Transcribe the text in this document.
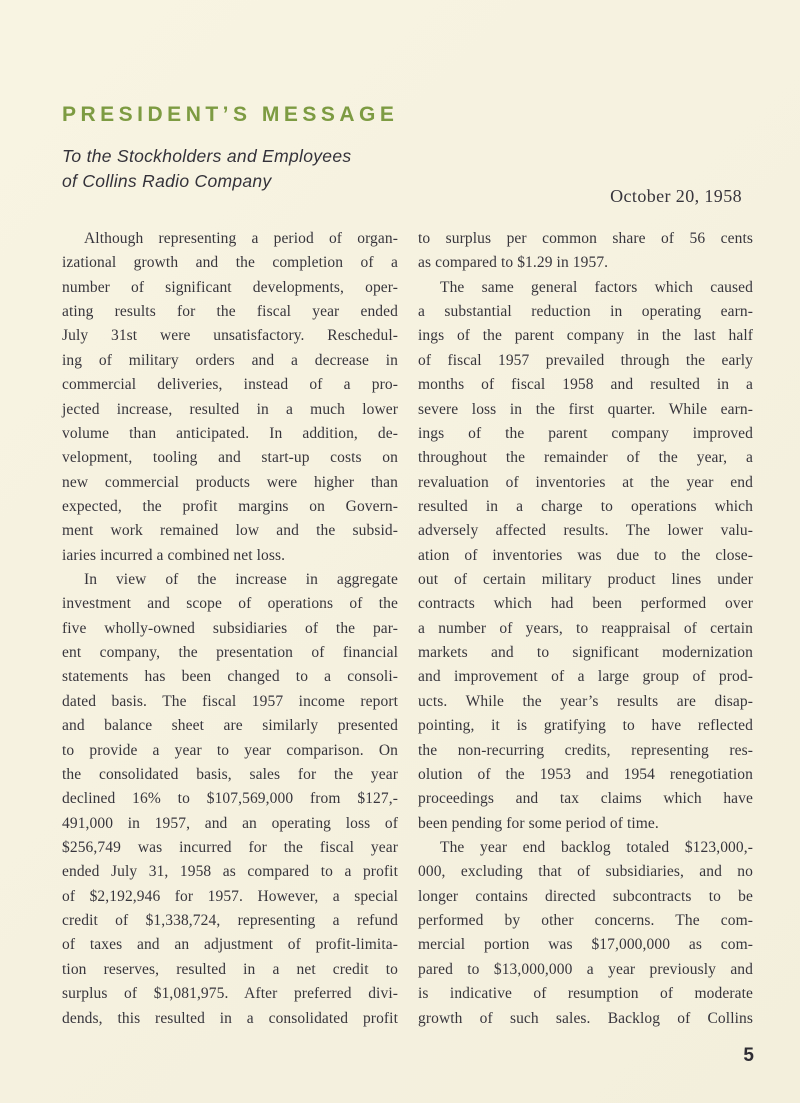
PRESIDENT’S MESSAGE
To the Stockholders and Employees
of Collins Radio Company
October 20, 1958
Although representing a period of organ-
izational growth and the completion of a
number of significant developments, oper-
ating results for the fiscal year ended
July 31st were unsatisfactory. Reschedul-
ing of military orders and a decrease in
commercial deliveries, instead of a pro-
jected increase, resulted in a much lower
volume than anticipated. In addition, de-
velopment, tooling and start-up costs on
new commercial products were higher than
expected, the profit margins on Govern-
ment work remained low and the subsid-
iaries incurred a combined net loss.
In view of the increase in aggregate
investment and scope of operations of the
five wholly-owned subsidiaries of the par-
ent company, the presentation of financial
statements has been changed to a consoli-
dated basis. The fiscal 1957 income report
and balance sheet are similarly presented
to provide a year to year comparison. On
the consolidated basis, sales for the year
declined 16% to $107,569,000 from $127,-
491,000 in 1957, and an operating loss of
$256,749 was incurred for the fiscal year
ended July 31, 1958 as compared to a profit
of $2,192,946 for 1957. However, a special
credit of $1,338,724, representing a refund
of taxes and an adjustment of profit-limita-
tion reserves, resulted in a net credit to
surplus of $1,081,975. After preferred divi-
dends, this resulted in a consolidated profit
to surplus per common share of 56 cents
as compared to $1.29 in 1957.
The same general factors which caused
a substantial reduction in operating earn-
ings of the parent company in the last half
of fiscal 1957 prevailed through the early
months of fiscal 1958 and resulted in a
severe loss in the first quarter. While earn-
ings of the parent company improved
throughout the remainder of the year, a
revaluation of inventories at the year end
resulted in a charge to operations which
adversely affected results. The lower valu-
ation of inventories was due to the close-
out of certain military product lines under
contracts which had been performed over
a number of years, to reappraisal of certain
markets and to significant modernization
and improvement of a large group of prod-
ucts. While the year’s results are disap-
pointing, it is gratifying to have reflected
the non-recurring credits, representing res-
olution of the 1953 and 1954 renegotiation
proceedings and tax claims which have
been pending for some period of time.
The year end backlog totaled $123,000,-
000, excluding that of subsidiaries, and no
longer contains directed subcontracts to be
performed by other concerns. The com-
mercial portion was $17,000,000 as com-
pared to $13,000,000 a year previously and
is indicative of resumption of moderate
growth of such sales. Backlog of Collins
5
